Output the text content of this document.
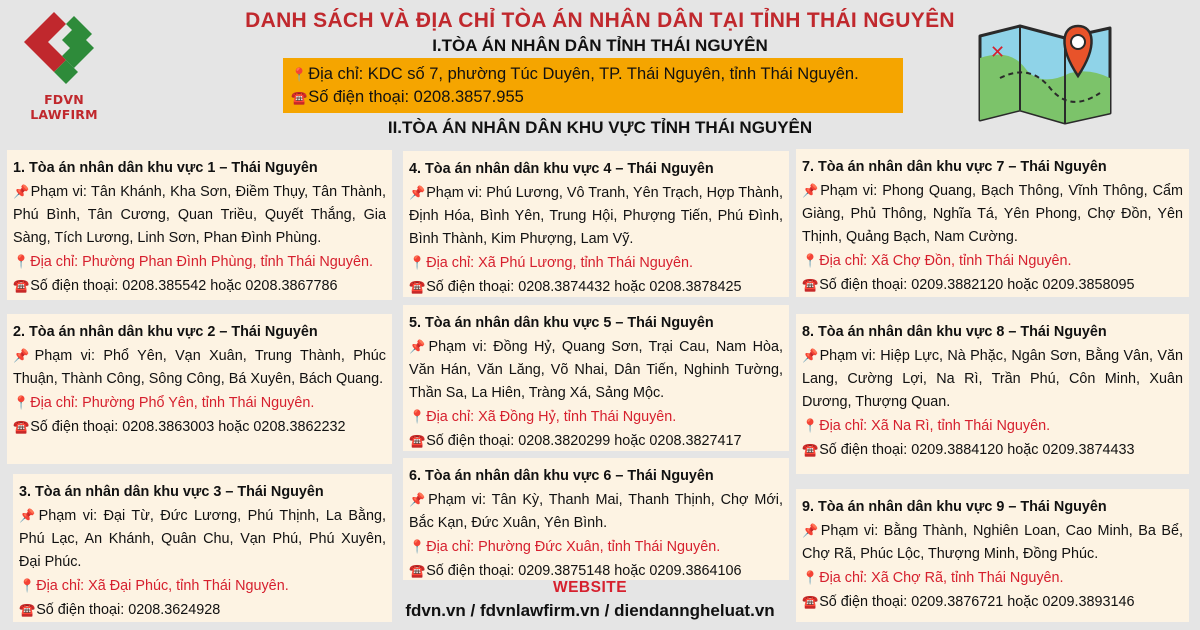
FDVN LAWFIRM
✕
DANH SÁCH VÀ ĐỊA CHỈ TÒA ÁN NHÂN DÂN TẠI TỈNH THÁI NGUYÊN
I.TÒA ÁN NHÂN DÂN TỈNH THÁI NGUYÊN
📍Địa chỉ: KDC số 7, phường Túc Duyên, TP. Thái Nguyên, tỉnh Thái Nguyên.
☎️Số điện thoại: 0208.3857.955
II.TÒA ÁN NHÂN DÂN KHU VỰC TỈNH THÁI NGUYÊN
1. Tòa án nhân dân khu vực 1 – Thái Nguyên
📌Phạm vi: Tân Khánh, Kha Sơn, Điềm Thụy, Tân Thành, Phú Bình, Tân Cương, Quan Triều, Quyết Thắng, Gia Sàng, Tích Lương, Linh Sơn, Phan Đình Phùng.
📍Địa chỉ: Phường Phan Đình Phùng, tỉnh Thái Nguyên.
☎️Số điện thoại: 0208.385542 hoặc 0208.3867786
2. Tòa án nhân dân khu vực 2 – Thái Nguyên
📌Phạm vi: Phổ Yên, Vạn Xuân, Trung Thành, Phúc Thuận, Thành Công, Sông Công, Bá Xuyên, Bách Quang.
📍Địa chỉ: Phường Phổ Yên, tỉnh Thái Nguyên.
☎️Số điện thoại: 0208.3863003 hoặc 0208.3862232
3. Tòa án nhân dân khu vực 3 – Thái Nguyên
📌Phạm vi: Đại Từ, Đức Lương, Phú Thịnh, La Bằng, Phú Lạc, An Khánh, Quân Chu, Vạn Phú, Phú Xuyên, Đại Phúc.
📍Địa chỉ: Xã Đại Phúc, tỉnh Thái Nguyên.
☎️Số điện thoại: 0208.3624928
4. Tòa án nhân dân khu vực 4 – Thái Nguyên
📌Phạm vi: Phú Lương, Vô Tranh, Yên Trạch, Hợp Thành, Định Hóa, Bình Yên, Trung Hội, Phượng Tiến, Phú Đình, Bình Thành, Kim Phượng, Lam Vỹ.
📍Địa chỉ: Xã Phú Lương, tỉnh Thái Nguyên.
☎️Số điện thoại: 0208.3874432 hoặc 0208.3878425
5. Tòa án nhân dân khu vực 5 – Thái Nguyên
📌Phạm vi: Đồng Hỷ, Quang Sơn, Trại Cau, Nam Hòa, Văn Hán, Văn Lăng, Võ Nhai, Dân Tiến, Nghinh Tường, Thần Sa, La Hiên, Tràng Xá, Sảng Mộc.
📍Địa chỉ: Xã Đồng Hỷ, tỉnh Thái Nguyên.
☎️Số điện thoại: 0208.3820299 hoặc 0208.3827417
6. Tòa án nhân dân khu vực 6 – Thái Nguyên
📌Phạm vi: Tân Kỳ, Thanh Mai, Thanh Thịnh, Chợ Mới, Bắc Kạn, Đức Xuân, Yên Bình.
📍Địa chỉ: Phường Đức Xuân, tỉnh Thái Nguyên.
☎️Số điện thoại: 0209.3875148 hoặc 0209.3864106
7. Tòa án nhân dân khu vực 7 – Thái Nguyên
📌Phạm vi: Phong Quang, Bạch Thông, Vĩnh Thông, Cẩm Giàng, Phủ Thông, Nghĩa Tá, Yên Phong, Chợ Đồn, Yên Thịnh, Quảng Bạch, Nam Cường.
📍Địa chỉ: Xã Chợ Đồn, tỉnh Thái Nguyên.
☎️Số điện thoại: 0209.3882120 hoặc 0209.3858095
8. Tòa án nhân dân khu vực 8 – Thái Nguyên
📌Phạm vi: Hiệp Lực, Nà Phặc, Ngân Sơn, Bằng Vân, Văn Lang, Cường Lợi, Na Rì, Trần Phú, Côn Minh, Xuân Dương, Thượng Quan.
📍Địa chỉ: Xã Na Rì, tỉnh Thái Nguyên.
☎️Số điện thoại: 0209.3884120 hoặc 0209.3874433
9. Tòa án nhân dân khu vực 9 – Thái Nguyên
📌Phạm vi: Bằng Thành, Nghiên Loan, Cao Minh, Ba Bể, Chợ Rã, Phúc Lộc, Thượng Minh, Đồng Phúc.
📍Địa chỉ: Xã Chợ Rã, tỉnh Thái Nguyên.
☎️Số điện thoại: 0209.3876721 hoặc 0209.3893146
WEBSITE
fdvn.vn / fdvnlawfirm.vn / diendanngheluat.vn
